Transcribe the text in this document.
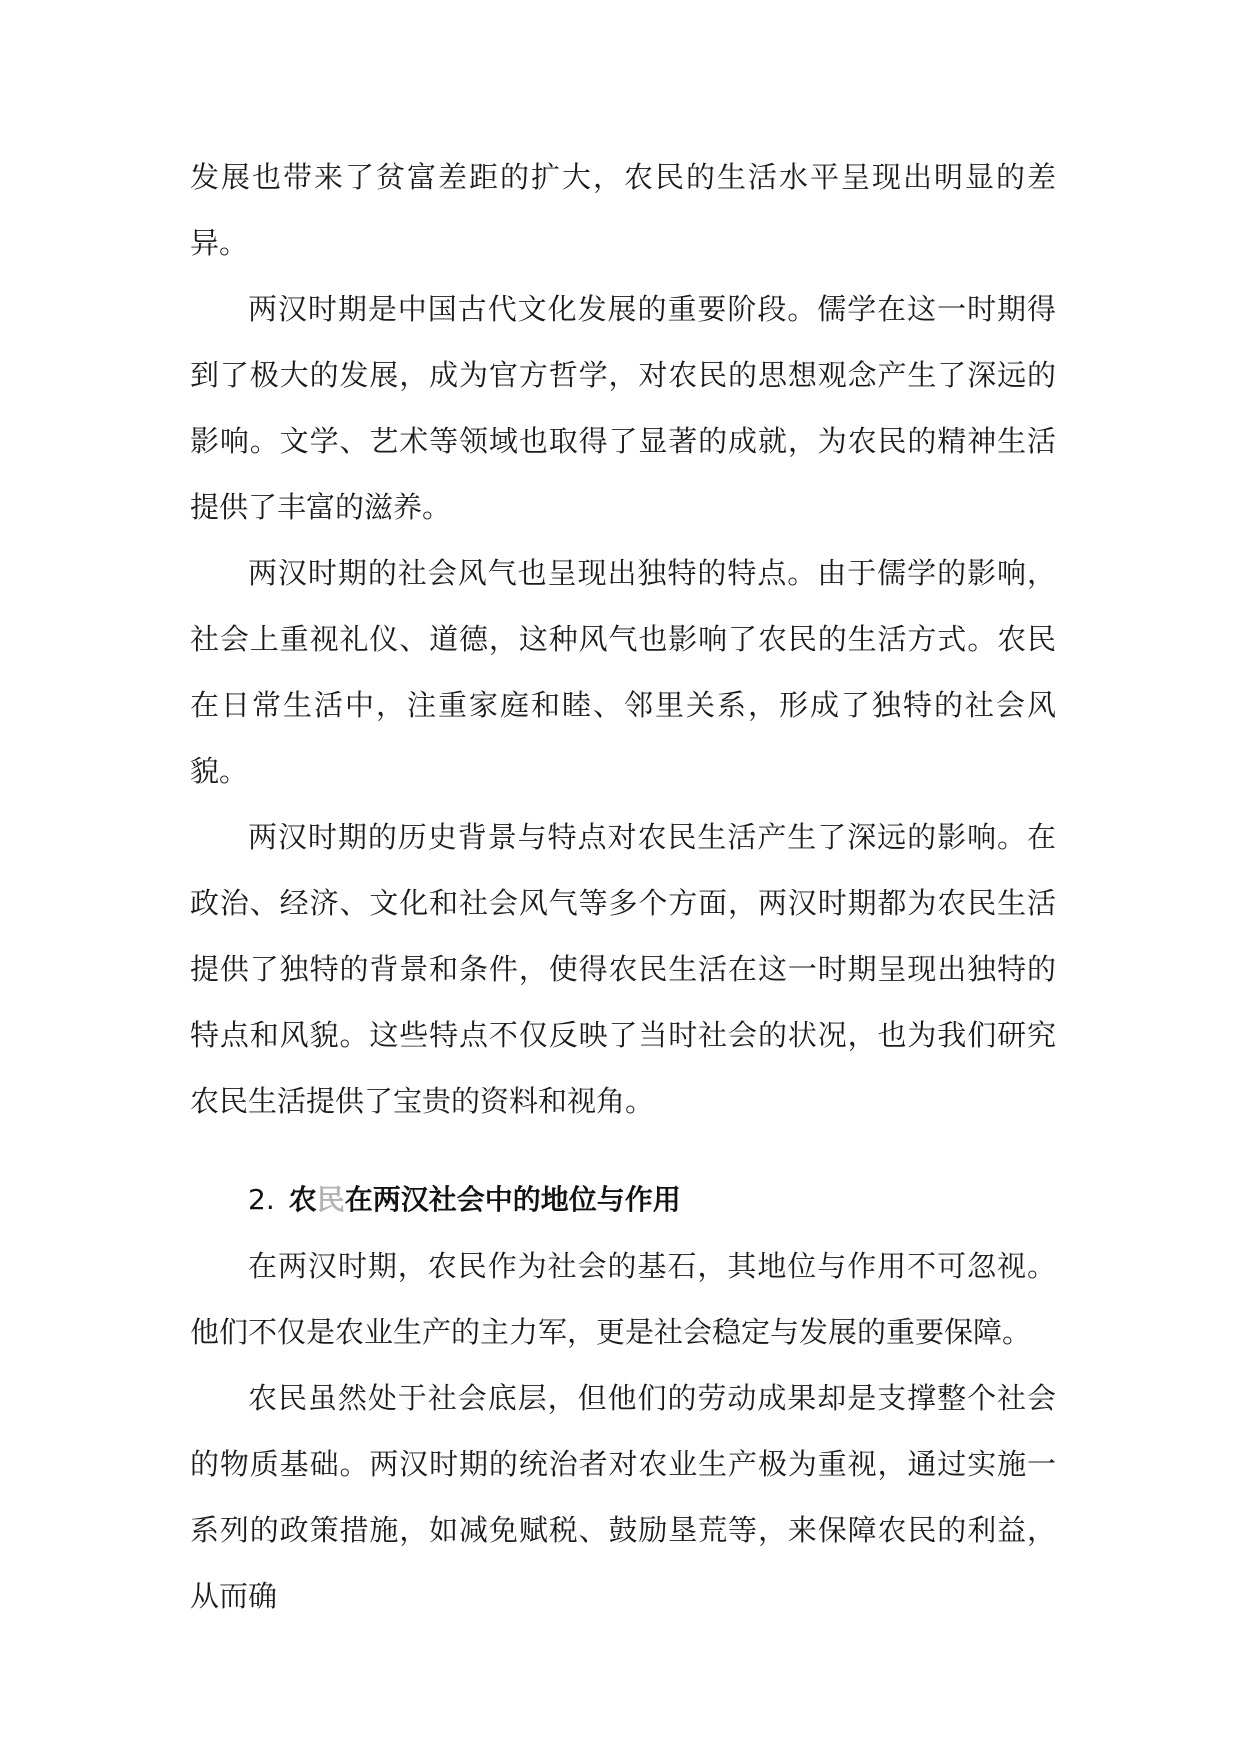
发展也带来了贫富差距的扩大，农民的生活水平呈现出明显的差异。

两汉时期是中国古代文化发展的重要阶段。儒学在这一时期得到了极大的发展，成为官方哲学，对农民的思想观念产生了深远的影响。文学、艺术等领域也取得了显著的成就，为农民的精神生活提供了丰富的滋养。

两汉时期的社会风气也呈现出独特的特点。由于儒学的影响，社会上重视礼仪、道德，这种风气也影响了农民的生活方式。农民在日常生活中，注重家庭和睦、邻里关系，形成了独特的社会风貌。

两汉时期的历史背景与特点对农民生活产生了深远的影响。在政治、经济、文化和社会风气等多个方面，两汉时期都为农民生活提供了独特的背景和条件，使得农民生活在这一时期呈现出独特的特点和风貌。这些特点不仅反映了当时社会的状况，也为我们研究农民生活提供了宝贵的资料和视角。

2. 农民在两汉社会中的地位与作用

在两汉时期，农民作为社会的基石，其地位与作用不可忽视。他们不仅是农业生产的主力军，更是社会稳定与发展的重要保障。

农民虽然处于社会底层，但他们的劳动成果却是支撑整个社会的物质基础。两汉时期的统治者对农业生产极为重视，通过实施一系列的政策措施，如减免赋税、鼓励垦荒等，来保障农民的利益，从而确
